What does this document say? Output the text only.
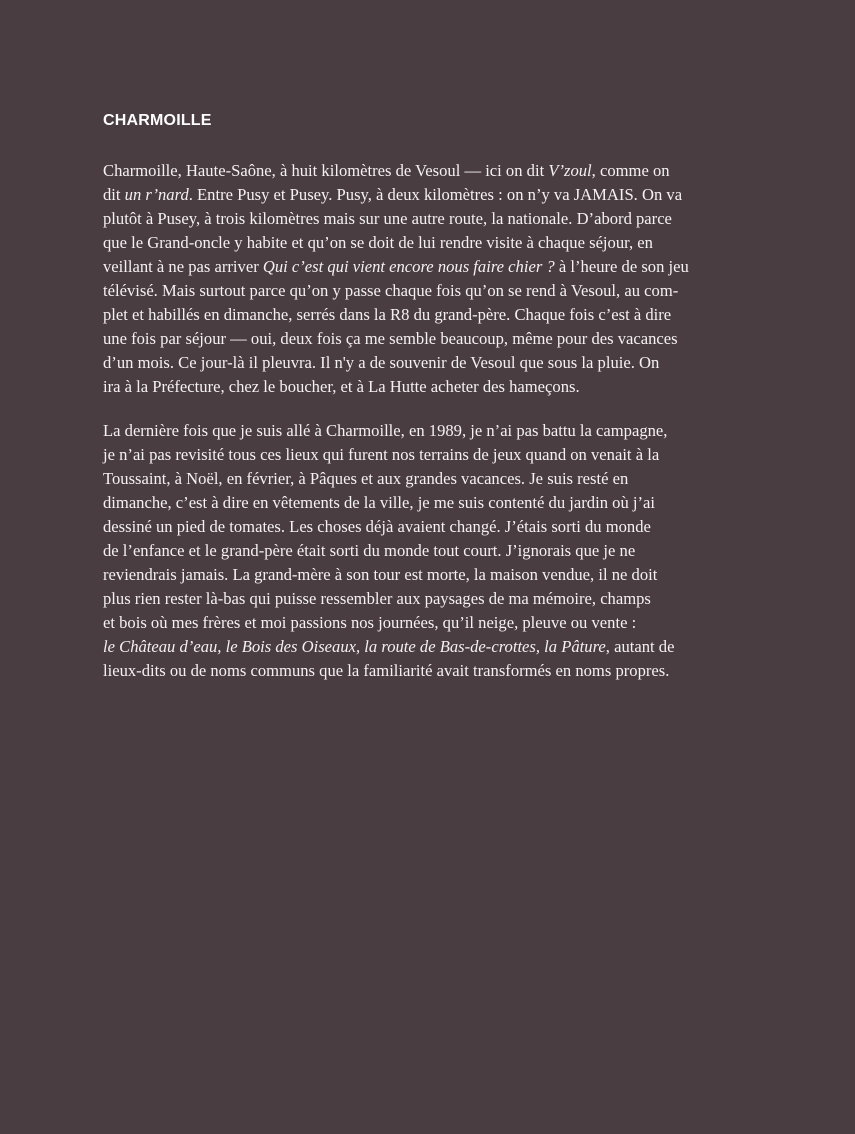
CHARMOILLE

Charmoille, Haute-Saône, à huit kilomètres de Vesoul — ici on dit V’zoul, comme on
dit un r’nard. Entre Pusy et Pusey. Pusy, à deux kilomètres : on n’y va JAMAIS. On va
plutôt à Pusey, à trois kilomètres mais sur une autre route, la nationale. D’abord parce
que le Grand-oncle y habite et qu’on se doit de lui rendre visite à chaque séjour, en
veillant à ne pas arriver Qui c’est qui vient encore nous faire chier ? à l’heure de son jeu
télévisé. Mais surtout parce qu’on y passe chaque fois qu’on se rend à Vesoul, au com-
plet et habillés en dimanche, serrés dans la R8 du grand-père. Chaque fois c’est à dire
une fois par séjour — oui, deux fois ça me semble beaucoup, même pour des vacances
d’un mois. Ce jour-là il pleuvra. Il n'y a de souvenir de Vesoul que sous la pluie. On
ira à la Préfecture, chez le boucher, et à La Hutte acheter des hameçons.

La dernière fois que je suis allé à Charmoille, en 1989, je n’ai pas battu la campagne,
je n’ai pas revisité tous ces lieux qui furent nos terrains de jeux quand on venait à la
Toussaint, à Noël, en février, à Pâques et aux grandes vacances. Je suis resté en
dimanche, c’est à dire en vêtements de la ville, je me suis contenté du jardin où j’ai
dessiné un pied de tomates. Les choses déjà avaient changé. J’étais sorti du monde
de l’enfance et le grand-père était sorti du monde tout court. J’ignorais que je ne
reviendrais jamais. La grand-mère à son tour est morte, la maison vendue, il ne doit
plus rien rester là-bas qui puisse ressembler aux paysages de ma mémoire, champs
et bois où mes frères et moi passions nos journées, qu’il neige, pleuve ou vente :
le Château d’eau, le Bois des Oiseaux, la route de Bas-de-crottes, la Pâture, autant de
lieux-dits ou de noms communs que la familiarité avait transformés en noms propres.
